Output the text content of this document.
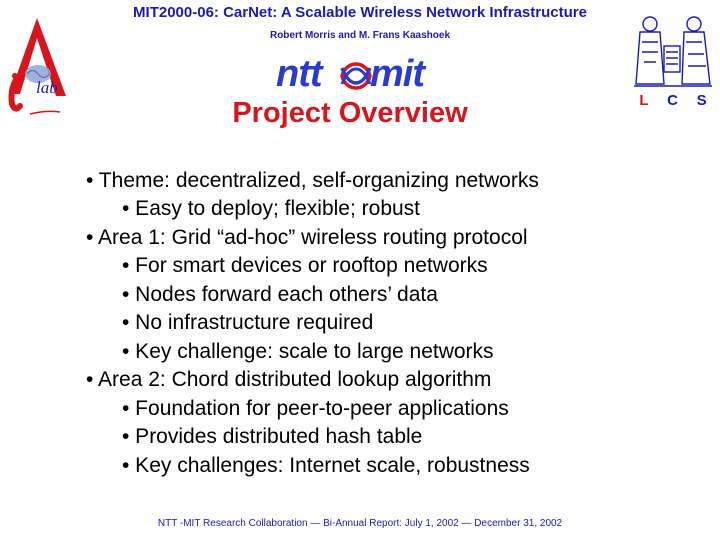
MIT2000-06: CarNet: A Scalable Wireless Network Infrastructure
Robert Morris and M. Frans Kaashoek
lab	ntt mit
L C S
Project Overview
• Theme: decentralized, self-organizing networks
• Easy to deploy; flexible; robust
• Area 1: Grid “ad-hoc” wireless routing protocol
• For smart devices or rooftop networks
• Nodes forward each others’ data
• No infrastructure required
• Key challenge: scale to large networks
• Area 2: Chord distributed lookup algorithm
• Foundation for peer-to-peer applications
• Provides distributed hash table
• Key challenges: Internet scale, robustness
NTT -MIT Research Collaboration — Bi-Annual Report: July 1, 2002 — December 31, 2002
